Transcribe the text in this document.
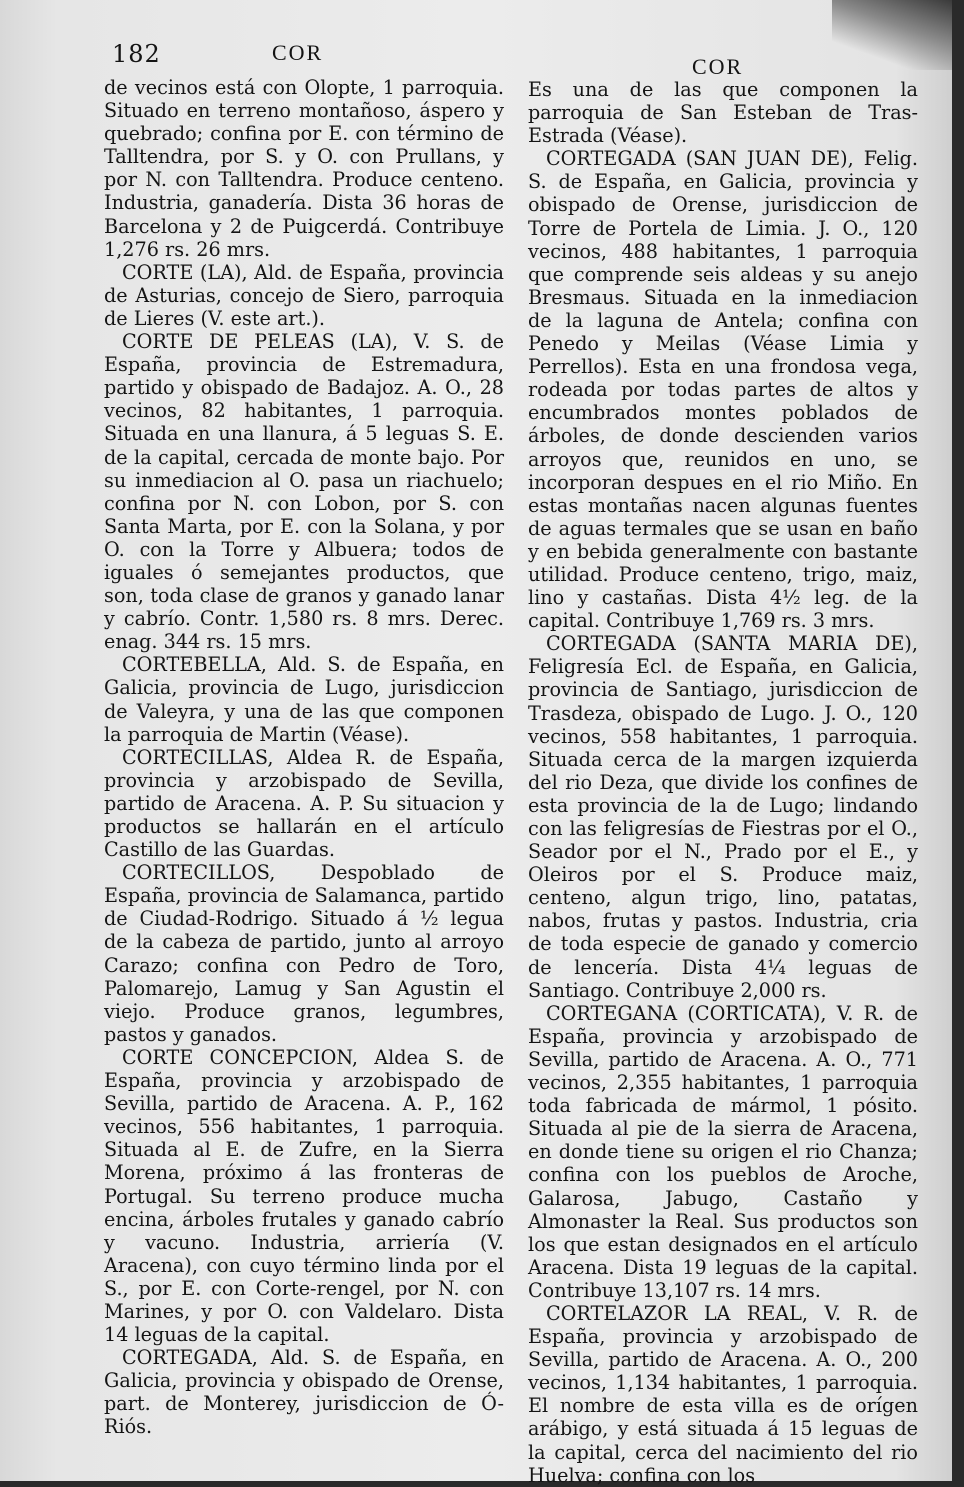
182	COR
COR

de vecinos está con Olopte, 1 parroquia. Situado en terreno montañoso, áspero y quebrado; confina por E. con término de Talltendra, por S. y O. con Prullans, y por N. con Talltendra. Produce centeno. Industria, ganadería. Dista 36 horas de Barcelona y 2 de Puigcerdá. Contribuye 1,276 rs. 26 mrs.

CORTE (LA), Ald. de España, provincia de Asturias, concejo de Siero, parroquia de Lieres (V. este art.).

CORTE DE PELEAS (LA), V. S. de España, provincia de Estremadura, partido y obispado de Badajoz. A. O., 28 vecinos, 82 habitantes, 1 parroquia. Situada en una llanura, á 5 leguas S. E. de la capital, cercada de monte bajo. Por su inmediacion al O. pasa un riachuelo; confina por N. con Lobon, por S. con Santa Marta, por E. con la Solana, y por O. con la Torre y Albuera; todos de iguales ó semejantes productos, que son, toda clase de granos y ganado lanar y cabrío. Contr. 1,580 rs. 8 mrs. Derec. enag. 344 rs. 15 mrs.

CORTEBELLA, Ald. S. de España, en Galicia, provincia de Lugo, jurisdiccion de Valeyra, y una de las que componen la parroquia de Martin (Véase).

CORTECILLAS, Aldea R. de España, provincia y arzobispado de Sevilla, partido de Aracena. A. P. Su situacion y productos se hallarán en el artículo Castillo de las Guardas.

CORTECILLOS, Despoblado de España, provincia de Salamanca, partido de Ciudad-Rodrigo. Situado á ½ legua de la cabeza de partido, junto al arroyo Carazo; confina con Pedro de Toro, Palomarejo, Lamug y San Agustin el viejo. Produce granos, legumbres, pastos y ganados.

CORTE CONCEPCION, Aldea S. de España, provincia y arzobispado de Sevilla, partido de Aracena. A. P., 162 vecinos, 556 habitantes, 1 parroquia. Situada al E. de Zufre, en la Sierra Morena, próximo á las fronteras de Portugal. Su terreno produce mucha encina, árboles frutales y ganado cabrío y vacuno. Industria, arriería (V. Aracena), con cuyo término linda por el S., por E. con Corte-rengel, por N. con Marines, y por O. con Valdelaro. Dista 14 leguas de la capital.

CORTEGADA, Ald. S. de España, en Galicia, provincia y obispado de Orense, part. de Monterey, jurisdiccion de Ó-Riós.

Es una de las que componen la parroquia de San Esteban de Tras-Estrada (Véase).

CORTEGADA (SAN JUAN DE), Felig. S. de España, en Galicia, provincia y obispado de Orense, jurisdiccion de Torre de Portela de Limia. J. O., 120 vecinos, 488 habitantes, 1 parroquia que comprende seis aldeas y su anejo Bresmaus. Situada en la inmediacion de la laguna de Antela; confina con Penedo y Meilas (Véase Limia y Perrellos). Esta en una frondosa vega, rodeada por todas partes de altos y encumbrados montes poblados de árboles, de donde descienden varios arroyos que, reunidos en uno, se incorporan despues en el rio Miño. En estas montañas nacen algunas fuentes de aguas termales que se usan en baño y en bebida generalmente con bastante utilidad. Produce centeno, trigo, maiz, lino y castañas. Dista 4½ leg. de la capital. Contribuye 1,769 rs. 3 mrs.

CORTEGADA (SANTA MARIA DE), Feligresía Ecl. de España, en Galicia, provincia de Santiago, jurisdiccion de Trasdeza, obispado de Lugo. J. O., 120 vecinos, 558 habitantes, 1 parroquia. Situada cerca de la margen izquierda del rio Deza, que divide los confines de esta provincia de la de Lugo; lindando con las feligresías de Fiestras por el O., Seador por el N., Prado por el E., y Oleiros por el S. Produce maiz, centeno, algun trigo, lino, patatas, nabos, frutas y pastos. Industria, cria de toda especie de ganado y comercio de lencería. Dista 4¼ leguas de Santiago. Contribuye 2,000 rs.

CORTEGANA (CORTICATA), V. R. de España, provincia y arzobispado de Sevilla, partido de Aracena. A. O., 771 vecinos, 2,355 habitantes, 1 parroquia toda fabricada de mármol, 1 pósito. Situada al pie de la sierra de Aracena, en donde tiene su origen el rio Chanza; confina con los pueblos de Aroche, Galarosa, Jabugo, Castaño y Almonaster la Real. Sus productos son los que estan designados en el artículo Aracena. Dista 19 leguas de la capital. Contribuye 13,107 rs. 14 mrs.

CORTELAZOR LA REAL, V. R. de España, provincia y arzobispado de Sevilla, partido de Aracena. A. O., 200 vecinos, 1,134 habitantes, 1 parroquia. El nombre de esta villa es de orígen arábigo, y está situada á 15 leguas de la capital, cerca del nacimiento del rio Huelva; confina con los
